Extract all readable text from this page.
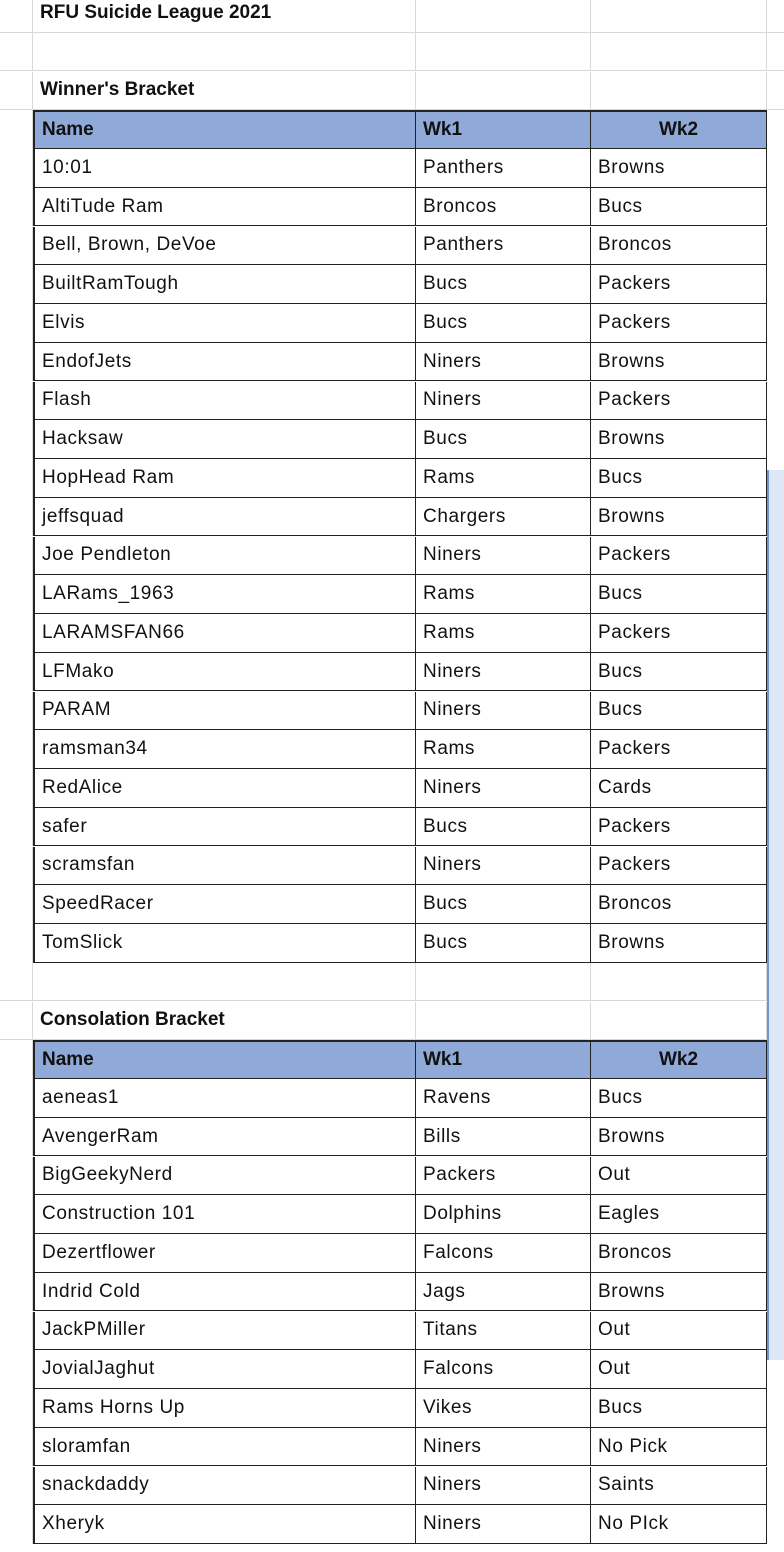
RFU Suicide League 2021
Winner's Bracket
Name	Wk1	Wk2
10:01	Panthers	Browns
AltiTude Ram	Broncos	Bucs
Bell, Brown, DeVoe	Panthers	Broncos
BuiltRamTough	Bucs	Packers
Elvis	Bucs	Packers
EndofJets	Niners	Browns
Flash	Niners	Packers
Hacksaw	Bucs	Browns
HopHead Ram	Rams	Bucs
jeffsquad	Chargers	Browns
Joe Pendleton	Niners	Packers
LARams_1963	Rams	Bucs
LARAMSFAN66	Rams	Packers
LFMako	Niners	Bucs
PARAM	Niners	Bucs
ramsman34	Rams	Packers
RedAlice	Niners	Cards
safer	Bucs	Packers
scramsfan	Niners	Packers
SpeedRacer	Bucs	Broncos
TomSlick	Bucs	Browns
Consolation Bracket
Name	Wk1	Wk2
aeneas1	Ravens	Bucs
AvengerRam	Bills	Browns
BigGeekyNerd	Packers	Out
Construction 101	Dolphins	Eagles
Dezertflower	Falcons	Broncos
Indrid Cold	Jags	Browns
JackPMiller	Titans	Out
JovialJaghut	Falcons	Out
Rams Horns Up	Vikes	Bucs
sloramfan	Niners	No Pick
snackdaddy	Niners	Saints
Xheryk	Niners	No PIck
